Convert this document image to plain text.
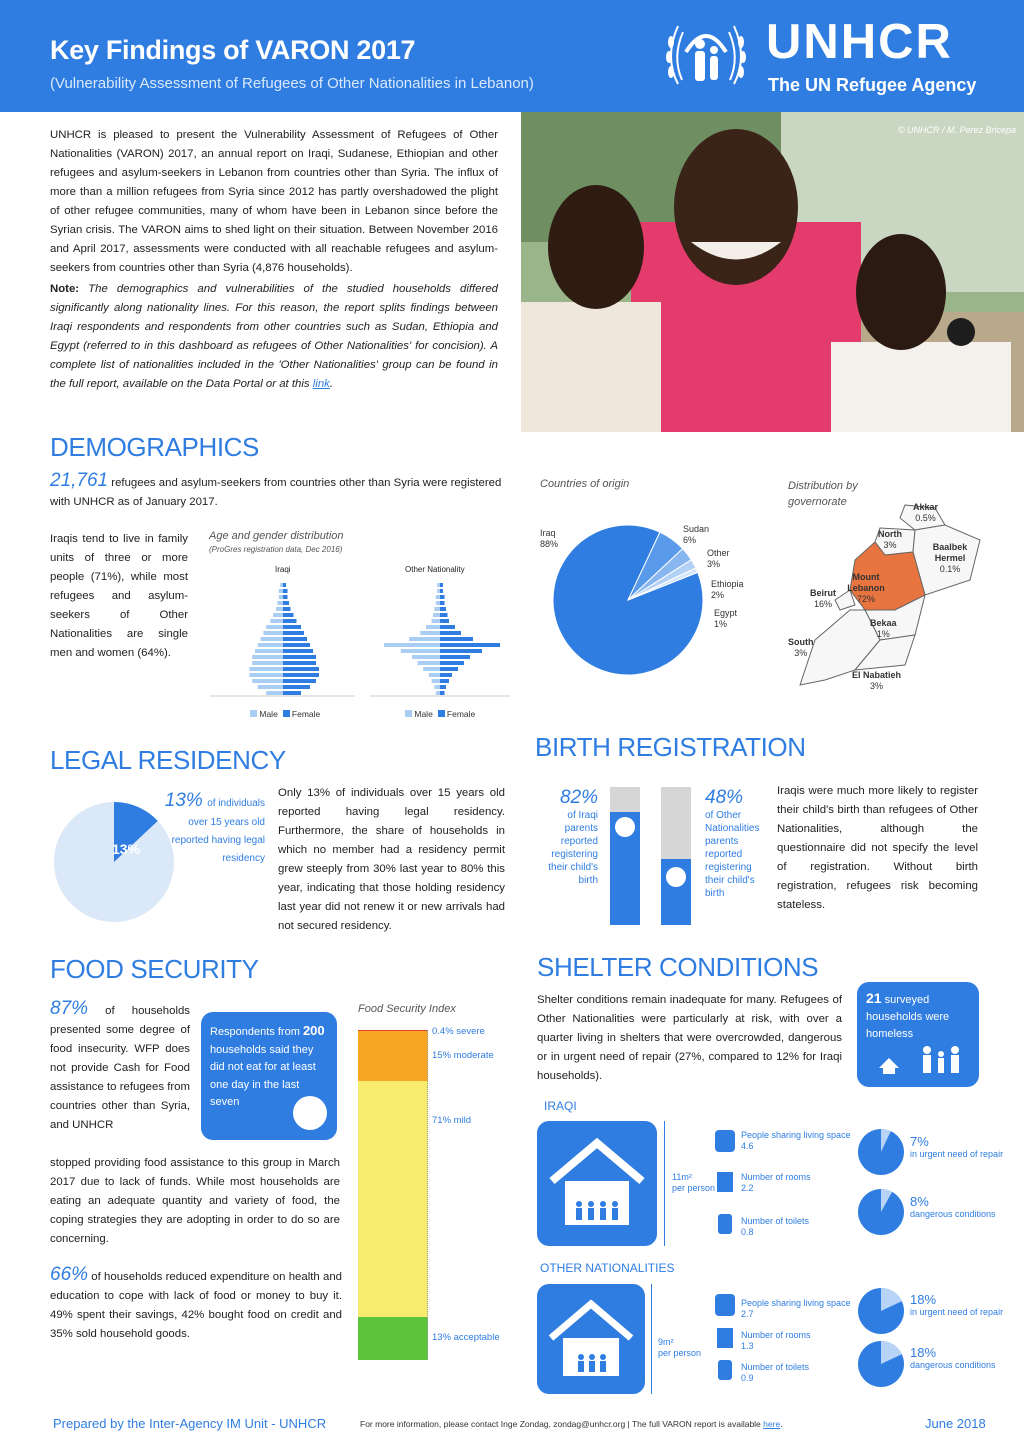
Key Findings of VARON 2017
(Vulnerability Assessment of Refugees of Other Nationalities in Lebanon)
UNHCR
The UN Refugee Agency
© UNHCR / M. Perez Bricepa

UNHCR is pleased to present the Vulnerability Assessment of Refugees of Other Nationalities (VARON) 2017, an annual report on Iraqi, Sudanese, Ethiopian and other refugees and asylum-seekers in Lebanon from countries other than Syria. The influx of more than a million refugees from Syria since 2012 has partly overshadowed the plight of other refugee communities, many of whom have been in Lebanon since before the Syrian crisis. The VARON aims to shed light on their situation. Between November 2016 and April 2017, assessments were conducted with all reachable refugees and asylum-seekers from countries other than Syria (4,876 households).

Note: The demographics and vulnerabilities of the studied households differed significantly along nationality lines. For this reason, the report splits findings between Iraqi respondents and respondents from other countries such as Sudan, Ethiopia and Egypt (referred to in this dashboard as refugees of Other Nationalities' for concision). A complete list of nationalities included in the 'Other Nationalities' group can be found in the full report, available on the Data Portal or at this link.

DEMOGRAPHICS
21,761 refugees and asylum-seekers from countries other than Syria were registered with UNHCR as of January 2017.

Iraqis tend to live in family units of three or more people (71%), while most refugees and asylum-seekers of Other Nationalities are single men and women (64%).

Age and gender distribution
(ProGres registration data, Dec 2016)
Iraqi	Other Nationality
Male Female	Male Female
Countries of origin
Iraq
88%
Sudan
6%
Other
3%
Ethiopia
2%
Egypt
1%
Distribution by governorate	Akkar
0.5%
North
3%	Baalbek Hermel
0.1%
Mount Lebanon
72%
Beirut
16%
Bekaa
1%
South
3%
El Nabatieh
3%
LEGAL RESIDENCY
13%
13% of individuals over 15 years old reported having legal residency

Only 13% of individuals over 15 years old reported having legal residency. Furthermore, the share of households in which no member had a residency permit grew steeply from 30% last year to 80% this year, indicating that those holding residency last year did not renew it or new arrivals had not secured residency.

BIRTH REGISTRATION
82%
of Iraqi parents reported registering their child's birth
48%
of Other Nationalities parents reported registering their child's birth

Iraqis were much more likely to register their child's birth than refugees of Other Nationalities, although the questionnaire did not specify the level of registration. Without birth registration, refugees risk becoming stateless.

FOOD SECURITY
87% of households presented some degree of food insecurity. WFP does not provide Cash for Food assistance to refugees from countries other than Syria, and UNHCR

stopped providing food assistance to this group in March 2017 due to lack of funds. While most households are eating an adequate quantity and variety of food, the coping strategies they are adopting in order to do so are concerning.

Respondents from 200 households said they did not eat for at least one day in the last seven
66% of households reduced expenditure on health and education to cope with lack of food or money to buy it. 49% spent their savings, 42% bought food on credit and 35% sold household goods.
Food Security Index
0.4% severe
15% moderate
71% mild
13% acceptable
SHELTER CONDITIONS

Shelter conditions remain inadequate for many. Refugees of Other Nationalities were particularly at risk, with over a quarter living in shelters that were overcrowded, dangerous or in urgent need of repair (27%, compared to 12% for Iraqi households).

21 surveyed households were homeless
IRAQI
11m²
per person
People sharing living space
4.6
Number of rooms
2.2
Number of toilets
0.8
7%
in urgent need of repair
8%
dangerous conditions
OTHER NATIONALITIES
9m²
per person
People sharing living space
2.7
Number of rooms
1.3
Number of toilets
0.9
18%
in urgent need of repair
18%
dangerous conditions
Prepared by the Inter-Agency IM Unit - UNHCR	For more information, please contact Inge Zondag, zondag@unhcr.org | The full VARON report is available here.	June 2018
